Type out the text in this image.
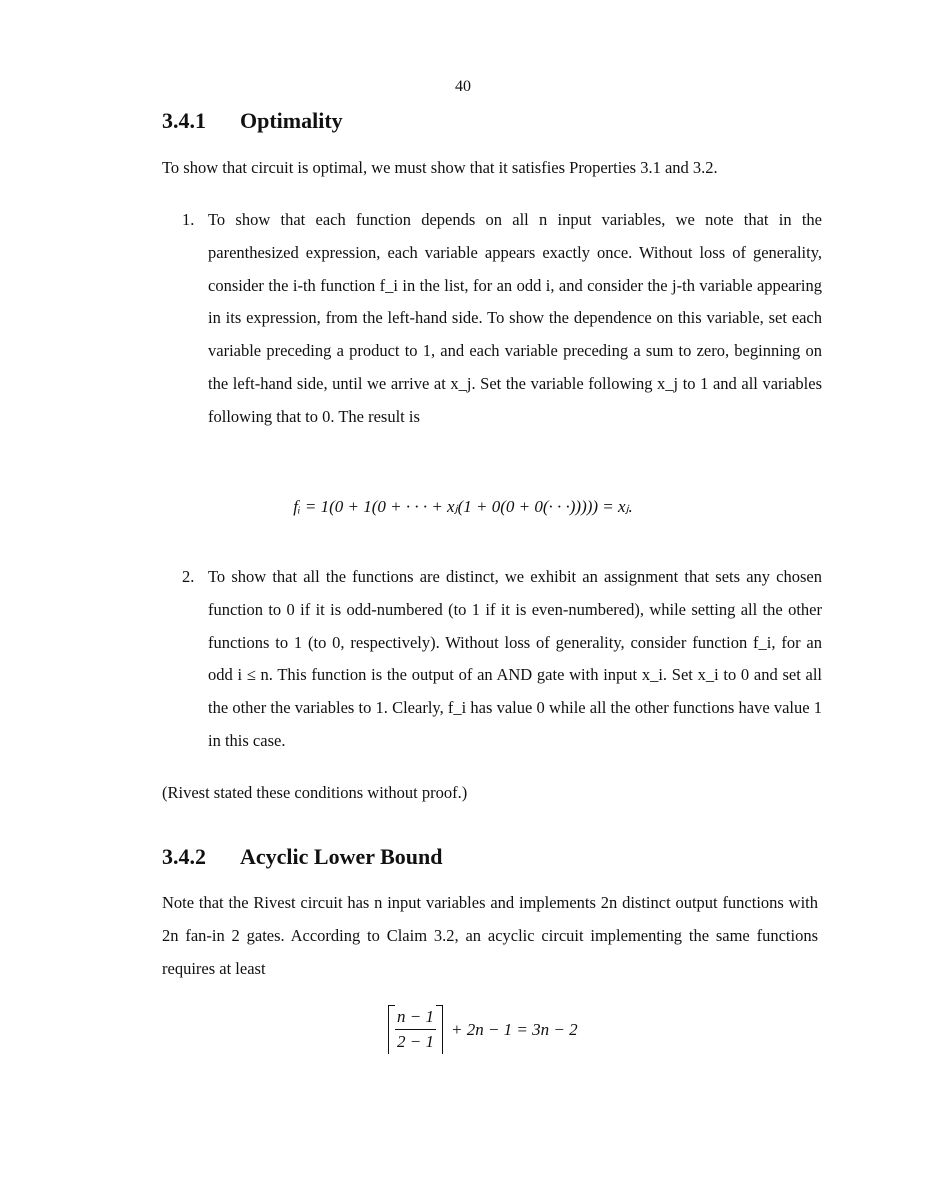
40
3.4.1 Optimality
To show that circuit is optimal, we must show that it satisfies Properties 3.1 and 3.2.
1. To show that each function depends on all n input variables, we note that in the parenthesized expression, each variable appears exactly once. Without loss of generality, consider the i-th function f_i in the list, for an odd i, and consider the j-th variable appearing in its expression, from the left-hand side. To show the dependence on this variable, set each variable preceding a product to 1, and each variable preceding a sum to zero, beginning on the left-hand side, until we arrive at x_j. Set the variable following x_j to 1 and all variables following that to 0. The result is
fᵢ = 1(0 + 1(0 + · · · + xⱼ(1 + 0(0 + 0(· · ·))))) = xⱼ.
2. To show that all the functions are distinct, we exhibit an assignment that sets any chosen function to 0 if it is odd-numbered (to 1 if it is even-numbered), while setting all the other functions to 1 (to 0, respectively). Without loss of generality, consider function f_i, for an odd i ≤ n. This function is the output of an AND gate with input x_i. Set x_i to 0 and set all the other the variables to 1. Clearly, f_i has value 0 while all the other functions have value 1 in this case.
(Rivest stated these conditions without proof.)
3.4.2 Acyclic Lower Bound
Note that the Rivest circuit has n input variables and implements 2n distinct output functions with 2n fan-in 2 gates. According to Claim 3.2, an acyclic circuit implementing the same functions requires at least
$\frac{n - 1}{2 - 1} + 2n - 1 = 3n - 2$
